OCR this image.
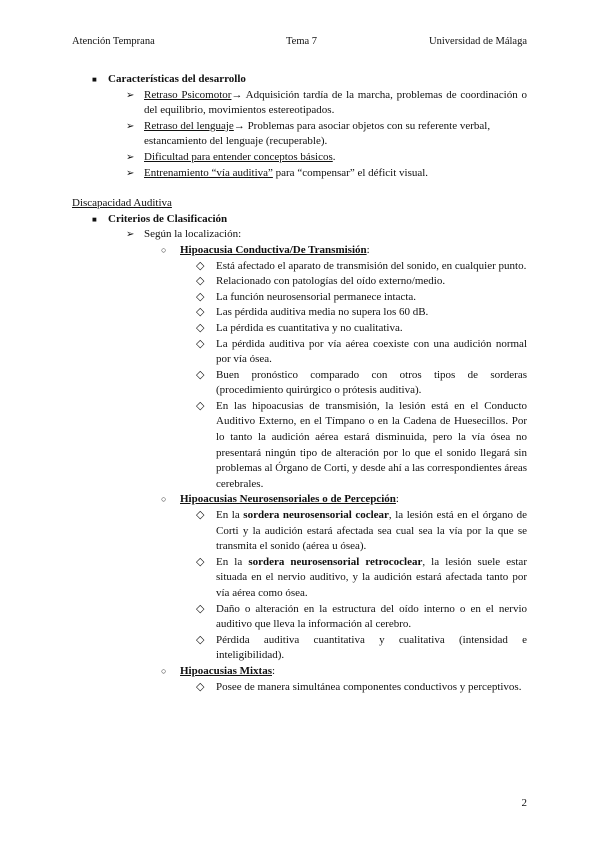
Atención Temprana	Tema 7	Universidad de Málaga
■ Características del desarrollo
➢ Retraso Psicomotor→ Adquisición tardía de la marcha, problemas de coordinación o del equilibrio, movimientos estereotipados.
➢ Retraso del lenguaje→ Problemas para asociar objetos con su referente verbal, estancamiento del lenguaje (recuperable).
➢ Dificultad para entender conceptos básicos.
➢ Entrenamiento “vía auditiva” para “compensar” el déficit visual.

Discapacidad Auditiva

■ Criterios de Clasificación
➢ Según la localización:
○ Hipoacusia Conductiva/De Transmisión:
◇ Está afectado el aparato de transmisión del sonido, en cualquier punto.
◇ Relacionado con patologías del oído externo/medio.
◇ La función neurosensorial permanece intacta.
◇ Las pérdida auditiva media no supera los 60 dB.
◇ La pérdida es cuantitativa y no cualitativa.
◇ La pérdida auditiva por vía aérea coexiste con una audición normal por vía ósea.
◇ Buen pronóstico comparado con otros tipos de sorderas (procedimiento quirúrgico o prótesis auditiva).
◇ En las hipoacusias de transmisión, la lesión está en el Conducto Auditivo Externo, en el Tímpano o en la Cadena de Huesecillos. Por lo tanto la audición aérea estará disminuida, pero la vía ósea no presentará ningún tipo de alteración por lo que el sonido llegará sin problemas al Órgano de Corti, y desde ahí a las correspondientes áreas cerebrales.
○ Hipoacusias Neurosensoriales o de Percepción:
◇ En la sordera neurosensorial coclear, la lesión está en el órgano de Corti y la audición estará afectada sea cual sea la vía por la que se transmita el sonido (aérea u ósea).
◇ En la sordera neurosensorial retrococlear, la lesión suele estar situada en el nervio auditivo, y la audición estará afectada tanto por vía aérea como ósea.
◇ Daño o alteración en la estructura del oído interno o en el nervio auditivo que lleva la información al cerebro.
◇ Pérdida auditiva cuantitativa y cualitativa (intensidad e inteligibilidad).
○ Hipoacusias Mixtas:
◇ Posee de manera simultánea componentes conductivos y perceptivos.
2
